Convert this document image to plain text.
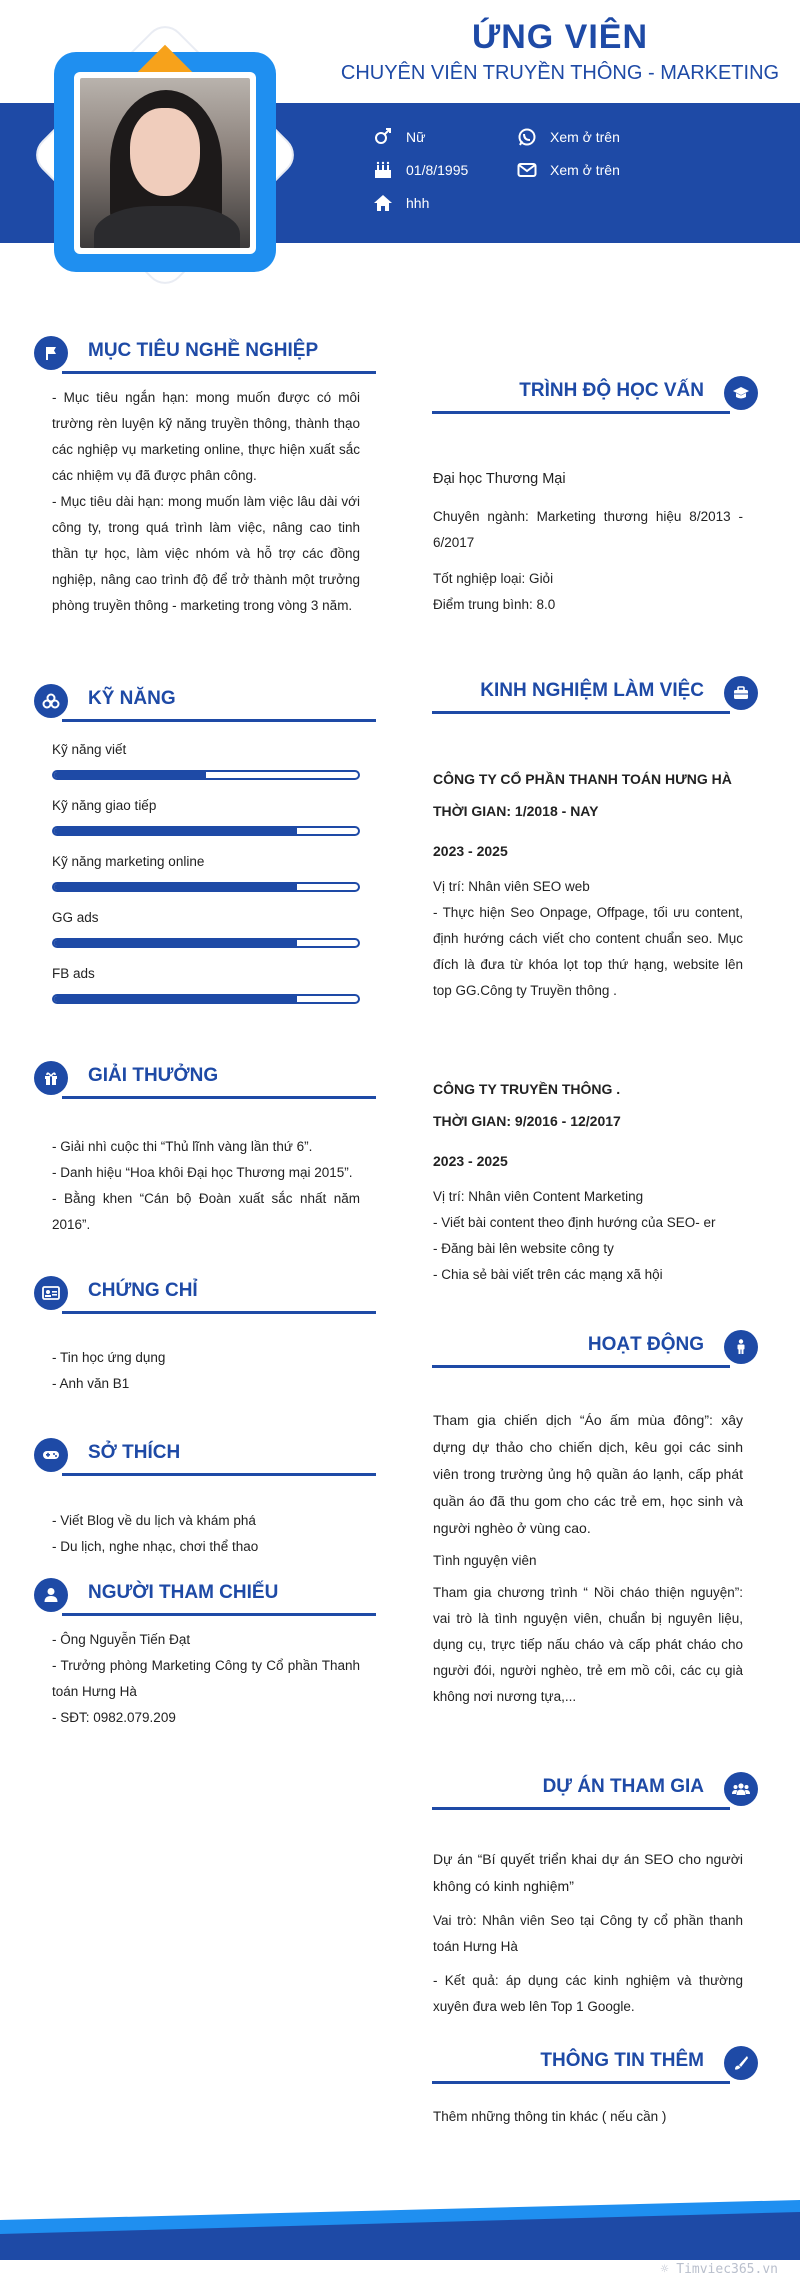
ỨNG VIÊN
CHUYÊN VIÊN TRUYỀN THÔNG - MARKETING
Nữ
01/8/1995
hhh
Xem ở trên
Xem ở trên
MỤC TIÊU NGHỀ NGHIỆP

- Mục tiêu ngắn hạn: mong muốn được có môi trường rèn luyện kỹ năng truyền thông, thành thạo các nghiệp vụ marketing online, thực hiện xuất sắc các nhiệm vụ đã được phân công.

- Mục tiêu dài hạn: mong muốn làm việc lâu dài với công ty, trong quá trình làm việc, nâng cao tinh thần tự học, làm việc nhóm và hỗ trợ các đồng nghiệp, nâng cao trình độ để trở thành một trưởng phòng truyền thông - marketing trong vòng 3 năm.

KỸ NĂNG
Kỹ năng viết
Kỹ năng giao tiếp
Kỹ năng marketing online
GG ads
FB ads
GIẢI THƯỞNG

- Giải nhì cuộc thi “Thủ lĩnh vàng lần thứ 6”.

- Danh hiệu “Hoa khôi Đại học Thương mại 2015”.

- Bằng khen “Cán bộ Đoàn xuất sắc nhất năm 2016”.

CHỨNG CHỈ

- Tin học ứng dụng

- Anh văn B1

SỞ THÍCH

- Viết Blog về du lịch và khám phá

- Du lịch, nghe nhạc, chơi thể thao

NGƯỜI THAM CHIẾU

- Ông Nguyễn Tiến Đạt

- Trưởng phòng Marketing Công ty Cổ phần Thanh toán Hưng Hà

- SĐT: 0982.079.209

TRÌNH ĐỘ HỌC VẤN

Đại học Thương Mại

Chuyên ngành: Marketing thương hiệu 8/2013 - 6/2017

Tốt nghiệp loại: Giỏi

Điểm trung bình: 8.0

KINH NGHIỆM LÀM VIỆC

CÔNG TY CỔ PHẦN THANH TOÁN HƯNG HÀ

THỜI GIAN: 1/2018 - NAY

2023 - 2025

Vị trí: Nhân viên SEO web

- Thực hiện Seo Onpage, Offpage, tối ưu content, định hướng cách viết cho content chuẩn seo. Mục đích là đưa từ khóa lọt top thứ hạng, website lên top GG.Công ty Truyền thông .

CÔNG TY TRUYỀN THÔNG .

THỜI GIAN: 9/2016 - 12/2017

2023 - 2025

Vị trí: Nhân viên Content Marketing

- Viết bài content theo định hướng của SEO- er

- Đăng bài lên website công ty

- Chia sẻ bài viết trên các mạng xã hội

HOẠT ĐỘNG

Tham gia chiến dịch “Áo ấm mùa đông”: xây dựng dự thảo cho chiến dịch, kêu gọi các sinh viên trong trường ủng hộ quần áo lạnh, cấp phát quần áo đã thu gom cho các trẻ em, học sinh và người nghèo ở vùng cao.

Tình nguyện viên

Tham gia chương trình “ Nồi cháo thiện nguyện”: vai trò là tình nguyện viên, chuẩn bị nguyên liệu, dụng cụ, trực tiếp nấu cháo và cấp phát cháo cho người đói, người nghèo, trẻ em mồ côi, các cụ già không nơi nương tựa,...

DỰ ÁN THAM GIA

Dự án “Bí quyết triển khai dự án SEO cho người không có kinh nghiệm”

Vai trò: Nhân viên Seo tại Công ty cổ phần thanh toán Hưng Hà

- Kết quả: áp dụng các kinh nghiệm và thường xuyên đưa web lên Top 1 Google.

THÔNG TIN THÊM

Thêm những thông tin khác ( nếu cần )

☼ Timviec365.vn
